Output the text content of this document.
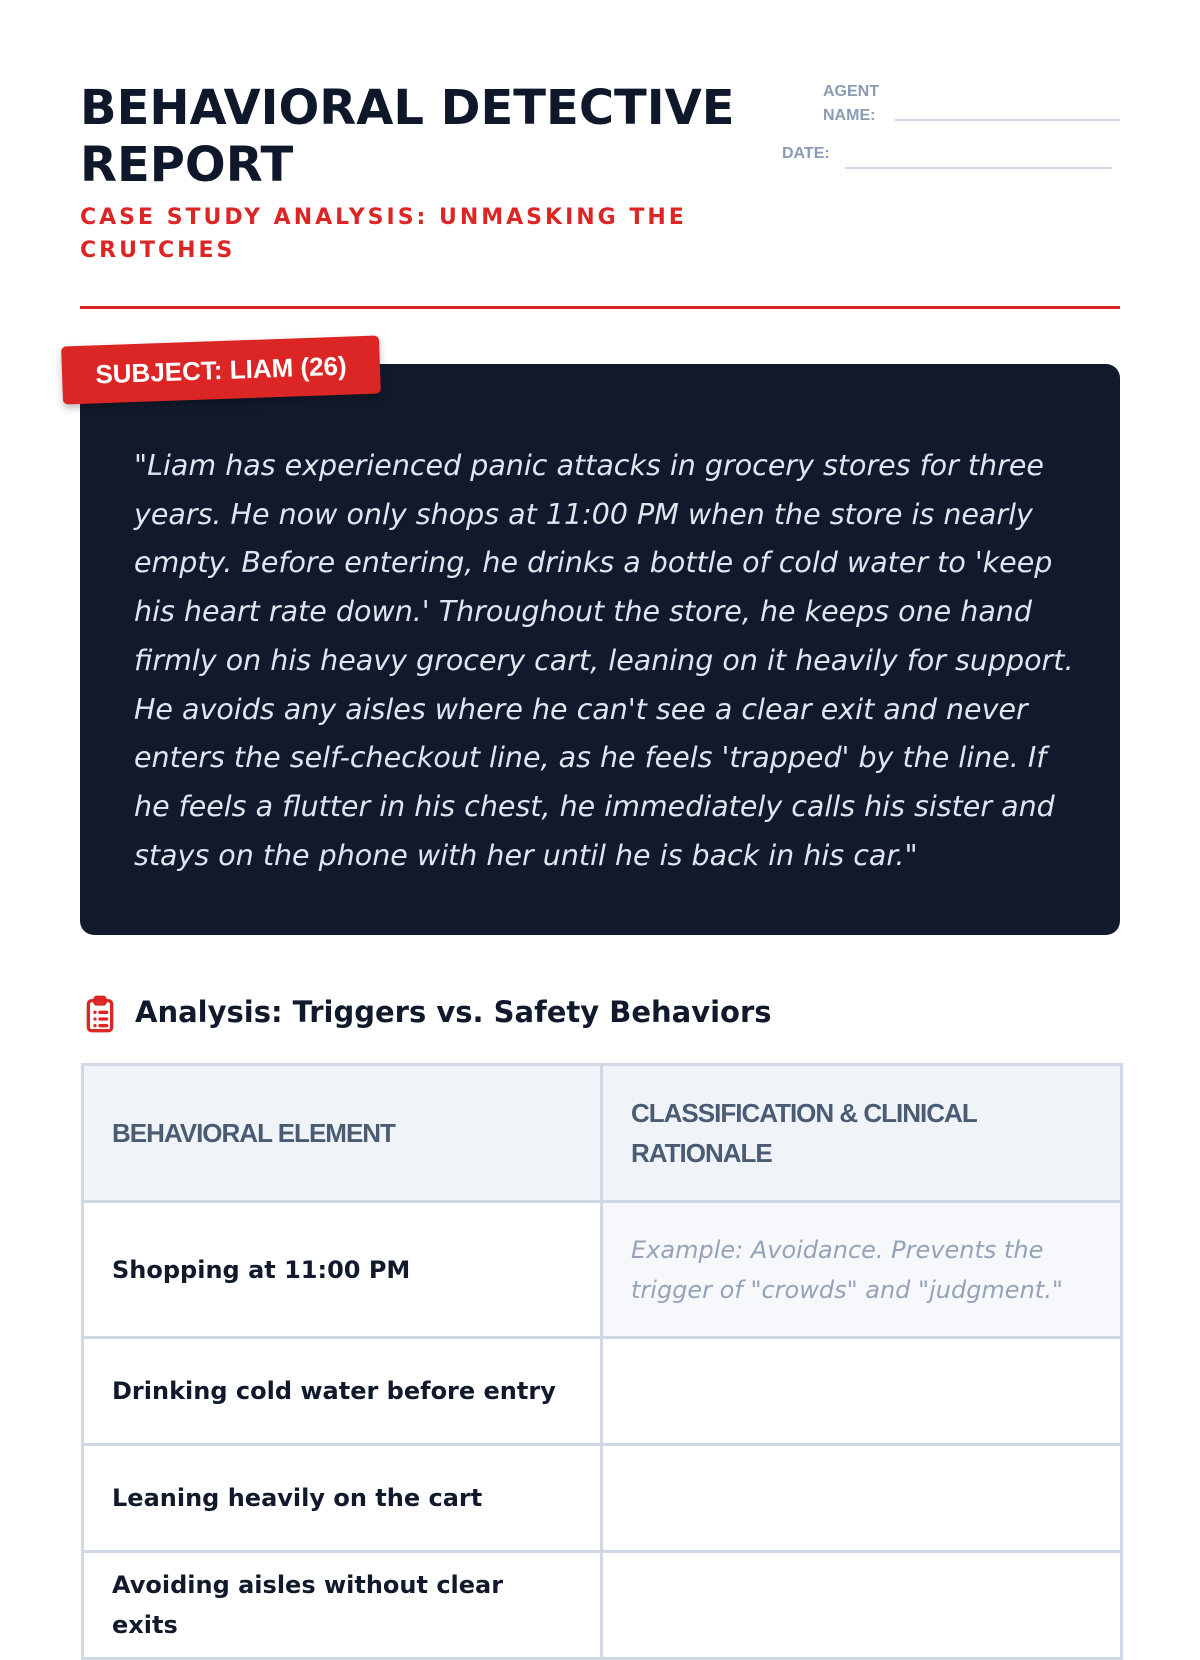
BEHAVIORAL DETECTIVE REPORT

CASE STUDY ANALYSIS: UNMASKING THE CRUTCHES

AGENT NAME:
DATE:
SUBJECT: LIAM (26)

"Liam has experienced panic attacks in grocery stores for three years. He now only shops at 11:00 PM when the store is nearly empty. Before entering, he drinks a bottle of cold water to 'keep his heart rate down.' Throughout the store, he keeps one hand firmly on his heavy grocery cart, leaning on it heavily for support. He avoids any aisles where he can't see a clear exit and never enters the self-checkout line, as he feels 'trapped' by the line. If he feels a flutter in his chest, he immediately calls his sister and stays on the phone with her until he is back in his car."

Analysis: Triggers vs. Safety Behaviors
BEHAVIORAL ELEMENT	CLASSIFICATION & CLINICAL RATIONALE
Shopping at 11:00 PM	Example: Avoidance. Prevents the trigger of "crowds" and "judgment."
Drinking cold water before entry	
Leaning heavily on the cart	
Avoiding aisles without clear exits	
